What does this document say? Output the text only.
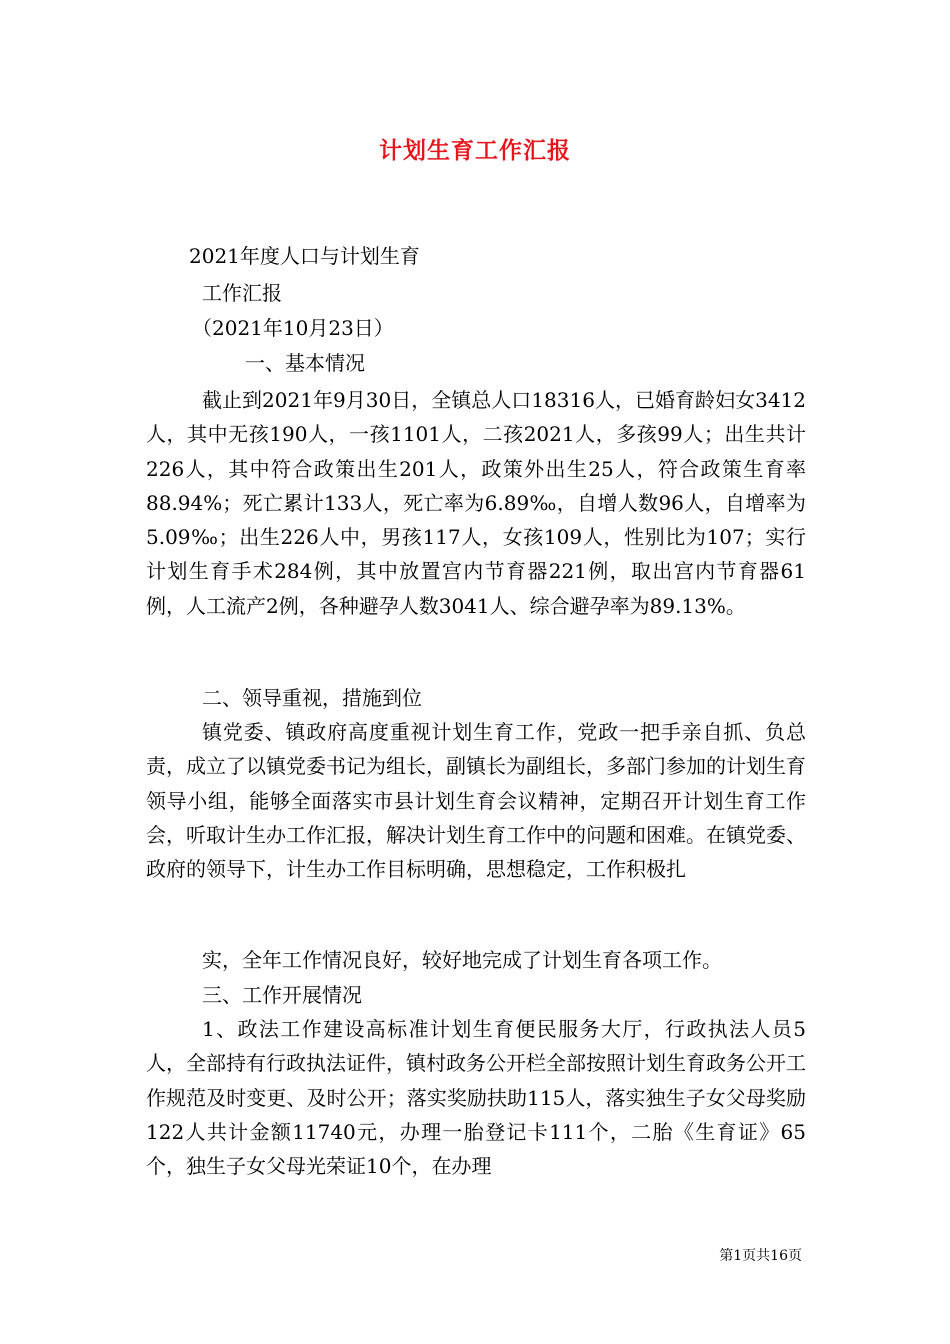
计划生育工作汇报
2021年度人口与计划生育
工作汇报
（2021年10月23日）
一、基本情况

截止到2021年9月30日，全镇总人口18316人，已婚育龄妇女3412人，其中无孩190人，一孩1101人，二孩2021人，多孩99人；出生共计226人，其中符合政策出生201人，政策外出生25人，符合政策生育率88.94%；死亡累计133人，死亡率为6.89‰，自增人数96人，自增率为5.09‰；出生226人中，男孩117人，女孩109人，性别比为107；实行计划生育手术284例，其中放置宫内节育器221例，取出宫内节育器61例，人工流产2例，各种避孕人数3041人、综合避孕率为89.13%。

二、领导重视，措施到位

镇党委、镇政府高度重视计划生育工作，党政一把手亲自抓、负总责，成立了以镇党委书记为组长，副镇长为副组长，多部门参加的计划生育领导小组，能够全面落实市县计划生育会议精神，定期召开计划生育工作会，听取计生办工作汇报，解决计划生育工作中的问题和困难。在镇党委、政府的领导下，计生办工作目标明确，思想稳定，工作积极扎

实，全年工作情况良好，较好地完成了计划生育各项工作。
三、工作开展情况

1、政法工作建设高标准计划生育便民服务大厅，行政执法人员5人，全部持有行政执法证件，镇村政务公开栏全部按照计划生育政务公开工作规范及时变更、及时公开；落实奖励扶助115人，落实独生子女父母奖励122人共计金额11740元，办理一胎登记卡111个，二胎《生育证》65个，独生子女父母光荣证10个，在办理

第1页共16页
